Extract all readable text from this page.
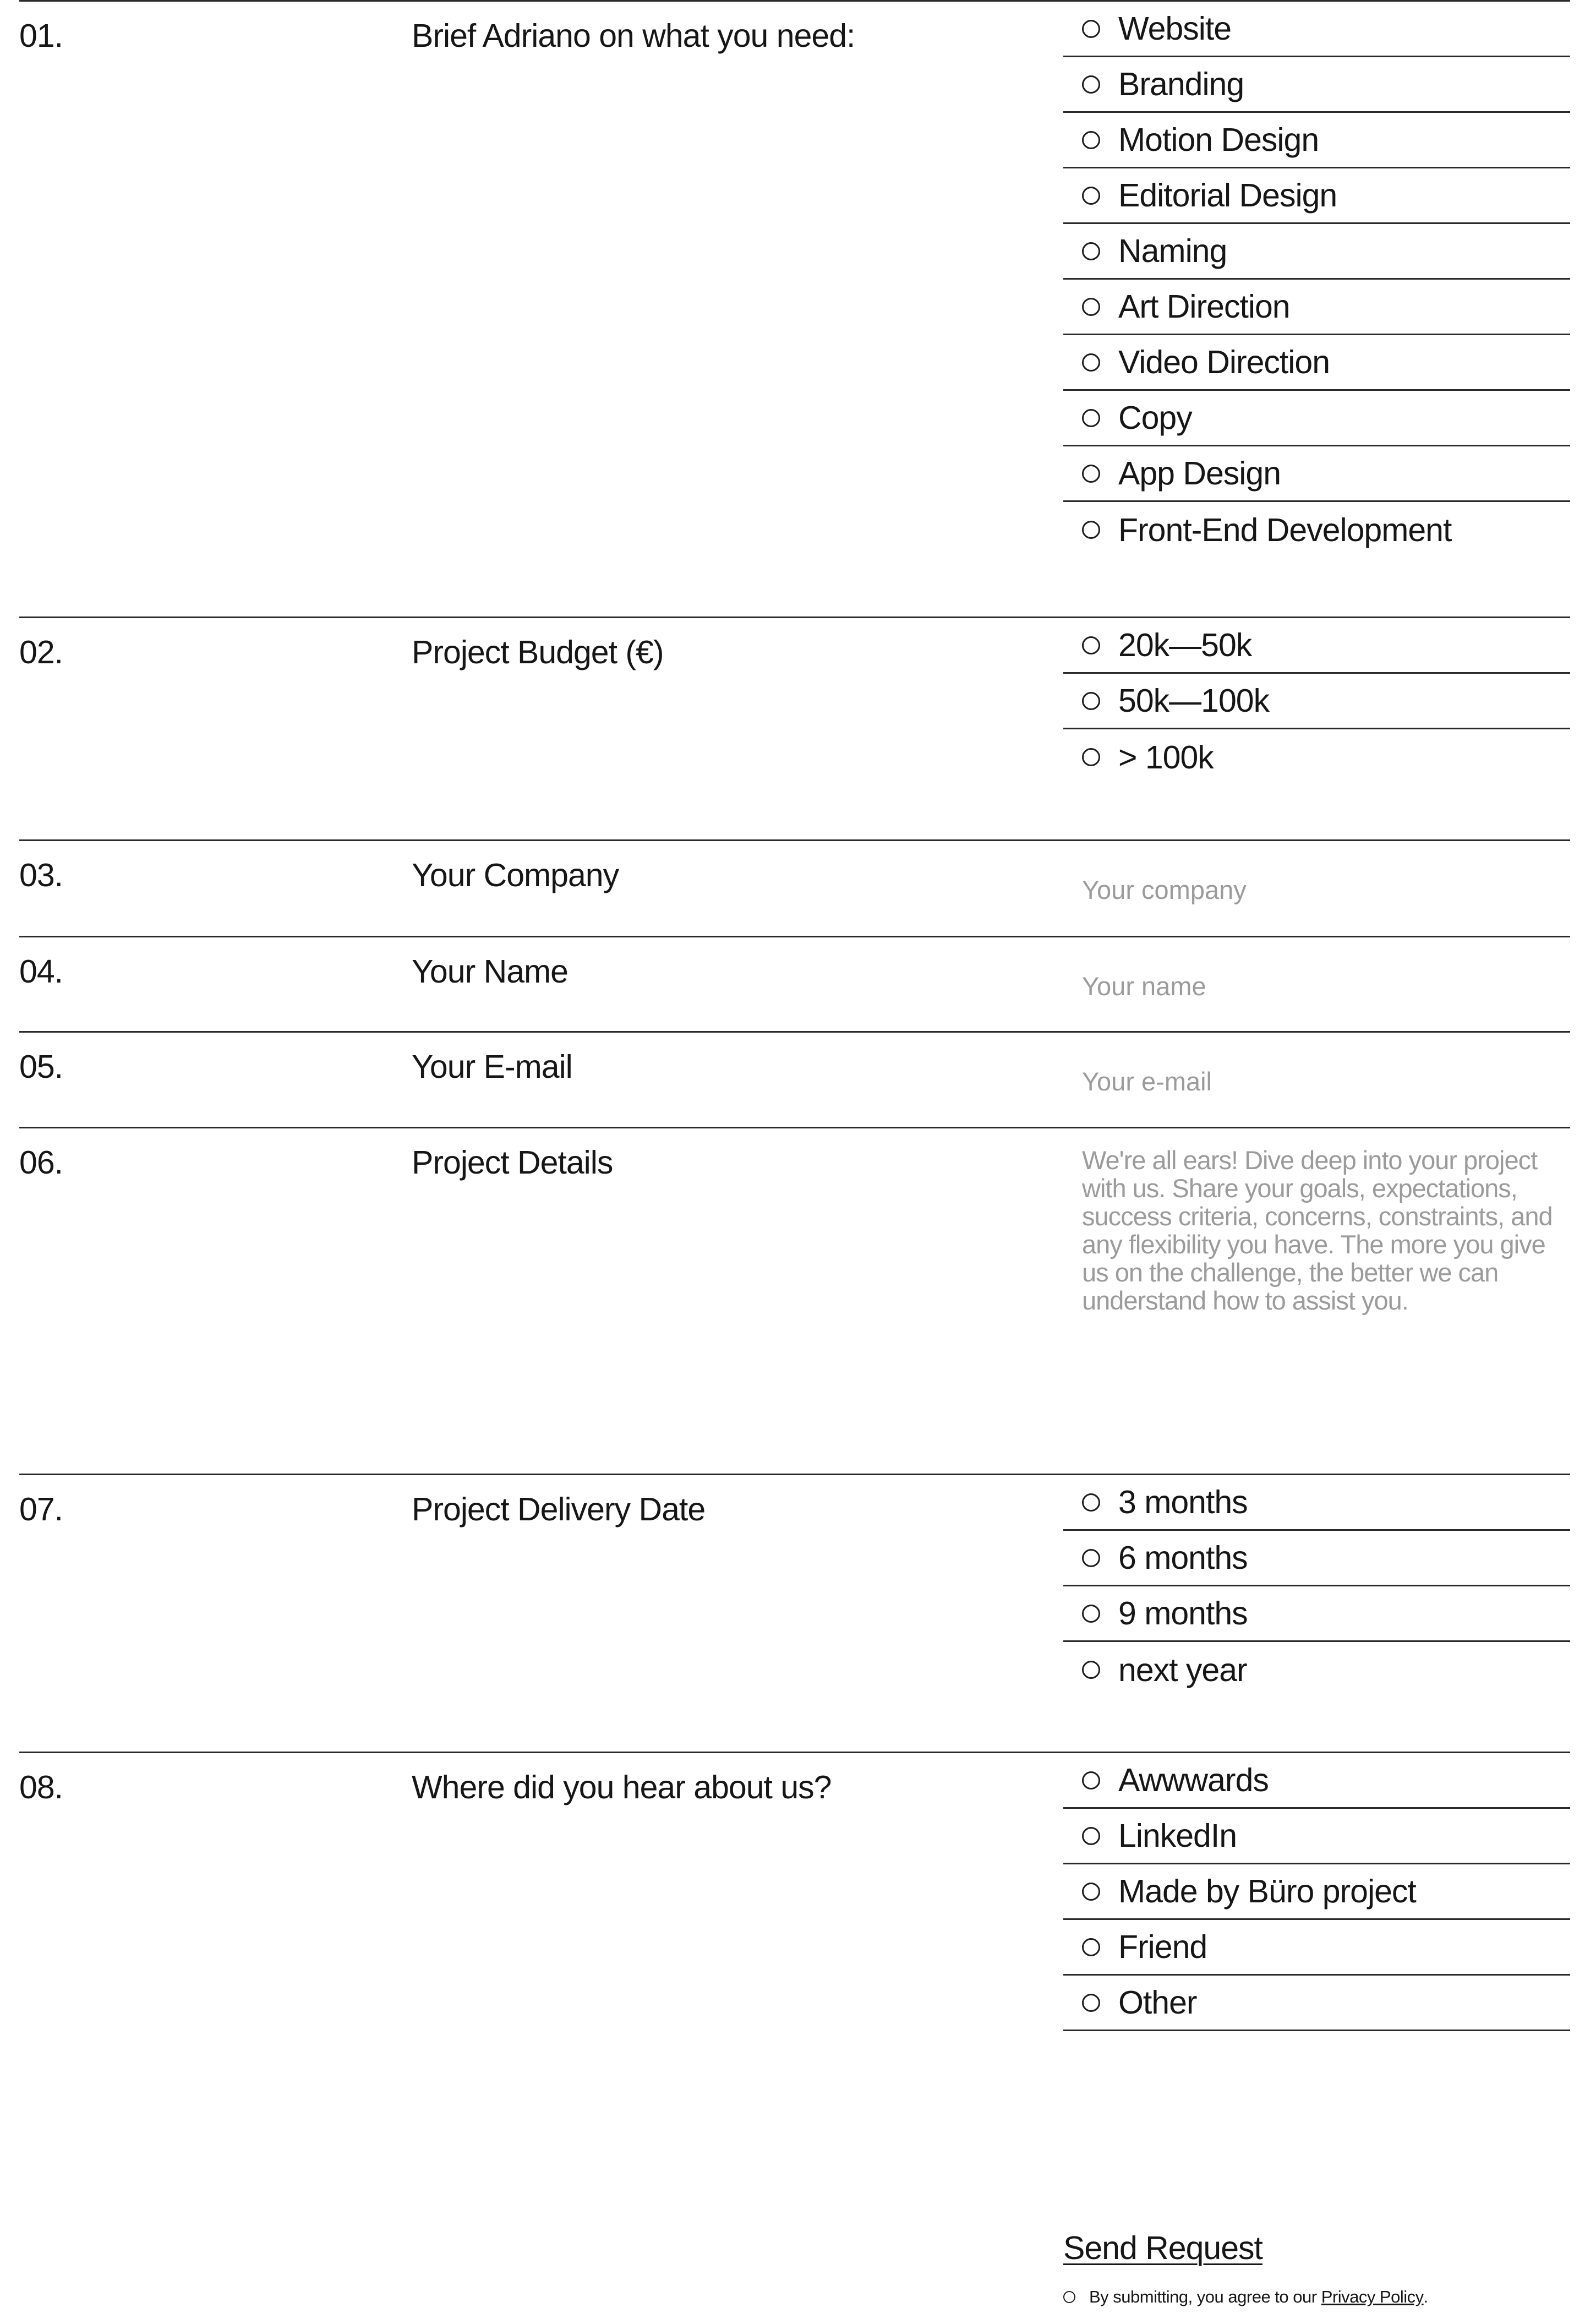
01.	Brief Adriano on what you need:	Website
Branding
Motion Design
Editorial Design
Naming
Art Direction
Video Direction
Copy
App Design
Front-End Development
02.	Project Budget (€)	20k—50k
50k—100k
> 100k
03.	Your Company
Your company
04.	Your Name
Your name
05.	Your E-mail
Your e-mail
06.	Project Details
We're all ears! Dive deep into your project with us. Share your goals, expectations, success criteria, concerns, constraints, and any flexibility you have. The more you give us on the challenge, the better we can understand how to assist you.
07.	Project Delivery Date	3 months
6 months
9 months
next year
08.	Where did you hear about us?	Awwwards
LinkedIn
Made by Büro project
Friend
Other
Send Request
By submitting, you agree to our Privacy Policy .
